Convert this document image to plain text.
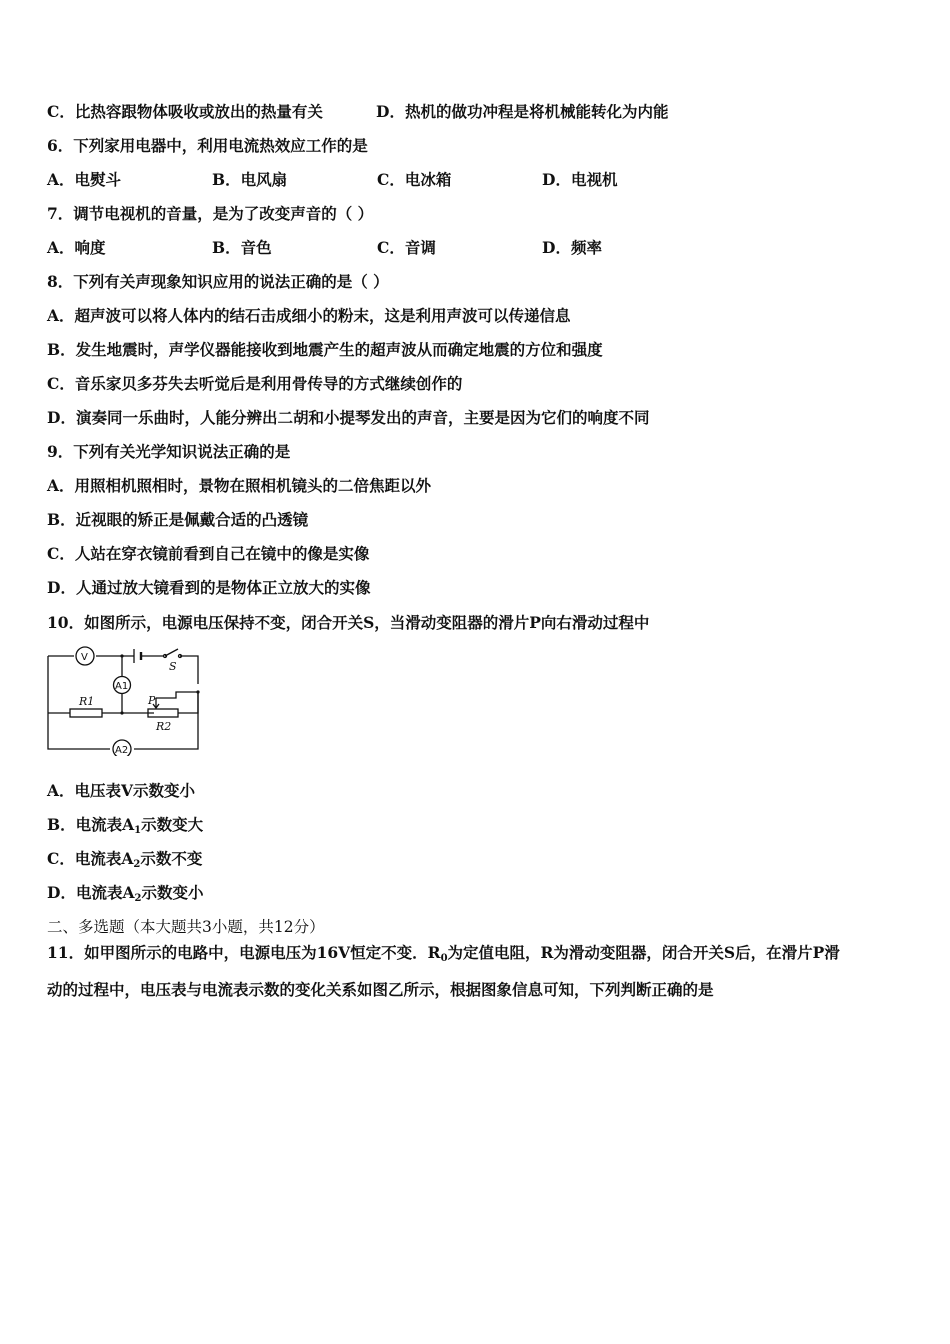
C．比热容跟物体吸收或放出的热量有关	D．热机的做功冲程是将机械能转化为内能
6．下列家用电器中，利用电流热效应工作的是
A．电熨斗	B．电风扇	C．电冰箱	D．电视机
7．调节电视机的音量，是为了改变声音的（ ）
A．响度	B．音色	C．音调	D．频率
8．下列有关声现象知识应用的说法正确的是（ ）
A．超声波可以将人体内的结石击成细小的粉末，这是利用声波可以传递信息
B．发生地震时，声学仪器能接收到地震产生的超声波从而确定地震的方位和强度
C．音乐家贝多芬失去听觉后是利用骨传导的方式继续创作的
D．演奏同一乐曲时，人能分辨出二胡和小提琴发出的声音，主要是因为它们的响度不同
9．下列有关光学知识说法正确的是
A．用照相机照相时，景物在照相机镜头的二倍焦距以外
B．近视眼的矫正是佩戴合适的凸透镜
C．人站在穿衣镜前看到自己在镜中的像是实像
D．人通过放大镜看到的是物体正立放大的实像
10．如图所示，电源电压保持不变，闭合开关S，当滑动变阻器的滑片P向右滑动过程中
V
A1
A2
S
R1
R2
P
A．电压表V示数变小
B．电流表$A_1$示数变大
C．电流表$A_2$示数不变
D．电流表$A_2$示数变小
二、多选题（本大题共3小题，共12分）
11．如甲图所示的电路中，电源电压为16V恒定不变．$R_0$为定值电阻，R为滑动变阻器，闭合开关S后，在滑片P滑
动的过程中，电压表与电流表示数的变化关系如图乙所示，根据图象信息可知，下列判断正确的是
